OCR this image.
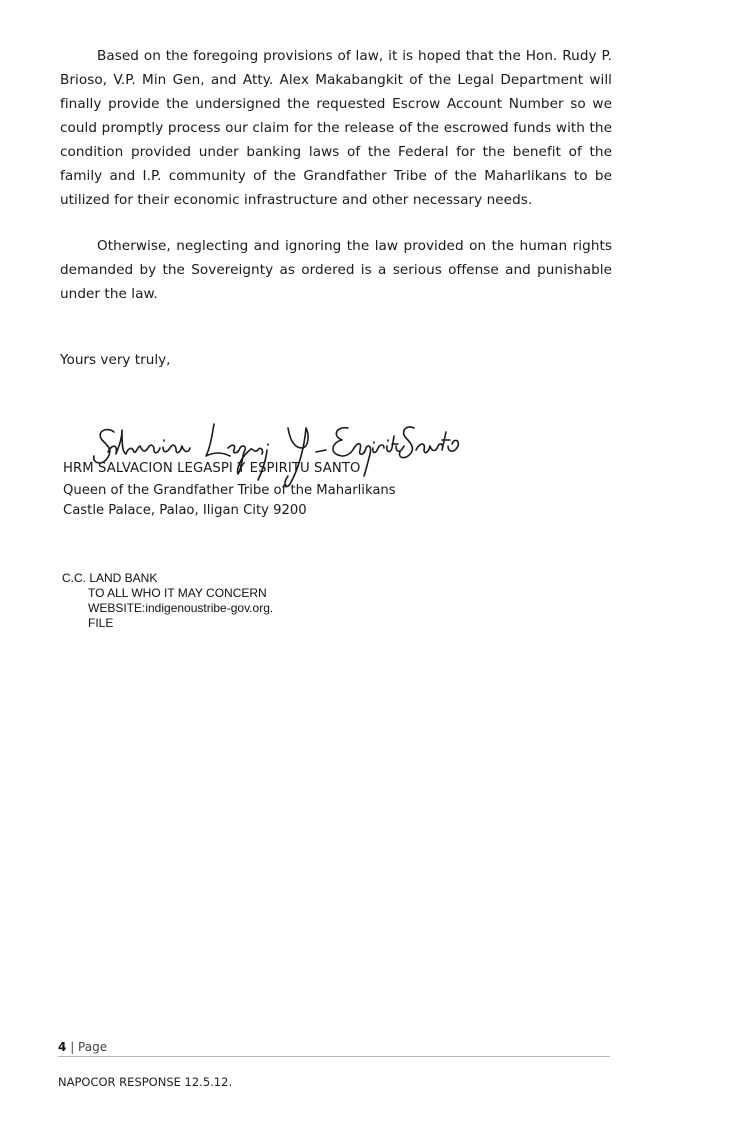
Based on the foregoing provisions of law, it is hoped that the Hon. Rudy P. Brioso, V.P. Min Gen, and Atty. Alex Makabangkit of the Legal Department will finally provide the undersigned the requested Escrow Account Number so we could promptly process our claim for the release of the escrowed funds with the condition provided under banking laws of the Federal for the benefit of the family and I.P. community of the Grandfather Tribe of the Maharlikans to be utilized for their economic infrastructure and other necessary needs.

Otherwise, neglecting and ignoring the law provided on the human rights demanded by the Sovereignty as ordered is a serious offense and punishable under the law.

Yours very truly,

HRM SALVACION LEGASPI Y ESPIRITU SANTO

Queen of the Grandfather Tribe of the Maharlikans

Castle Palace, Palao, Iligan City 9200

C.C. LAND BANK
TO ALL WHO IT MAY CONCERN
WEBSITE:indigenoustribe-gov.org.
FILE
4 | Page
NAPOCOR RESPONSE 12.5.12.
